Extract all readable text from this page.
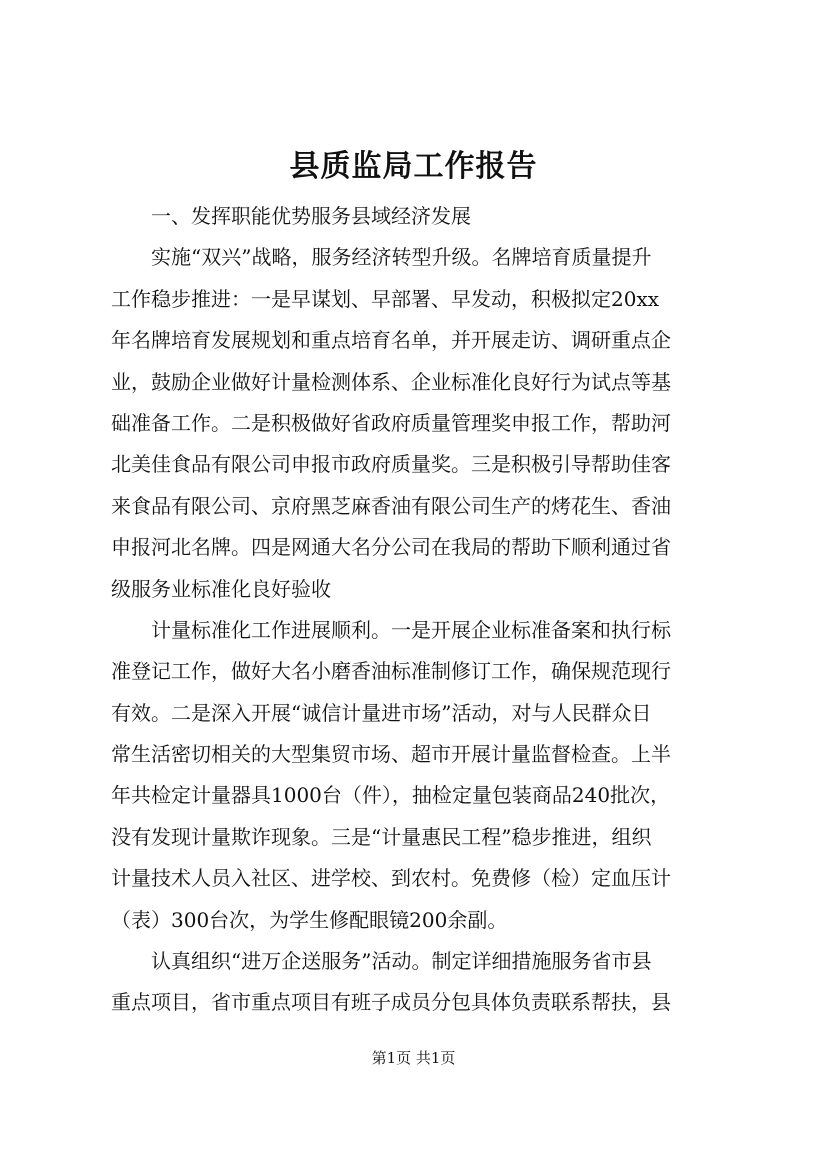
县质监局工作报告
　　一、发挥职能优势服务县域经济发展
　　实施“双兴”战略，服务经济转型升级。名牌培育质量提升
工作稳步推进：一是早谋划、早部署、早发动，积极拟定20xx
年名牌培育发展规划和重点培育名单，并开展走访、调研重点企
业，鼓励企业做好计量检测体系、企业标准化良好行为试点等基
础准备工作。二是积极做好省政府质量管理奖申报工作，帮助河
北美佳食品有限公司申报市政府质量奖。三是积极引导帮助佳客
来食品有限公司、京府黑芝麻香油有限公司生产的烤花生、香油
申报河北名牌。四是网通大名分公司在我局的帮助下顺利通过省
级服务业标准化良好验收
　　计量标准化工作进展顺利。一是开展企业标准备案和执行标
准登记工作，做好大名小磨香油标准制修订工作，确保规范现行
有效。二是深入开展“诚信计量进市场”活动，对与人民群众日
常生活密切相关的大型集贸市场、超市开展计量监督检查。上半
年共检定计量器具1000台（件），抽检定量包装商品240批次，
没有发现计量欺诈现象。三是“计量惠民工程”稳步推进，组织
计量技术人员入社区、进学校、到农村。免费修（检）定血压计
（表）300台次，为学生修配眼镜200余副。
　　认真组织“进万企送服务”活动。制定详细措施服务省市县
重点项目，省市重点项目有班子成员分包具体负责联系帮扶，县
第1页 共1页
